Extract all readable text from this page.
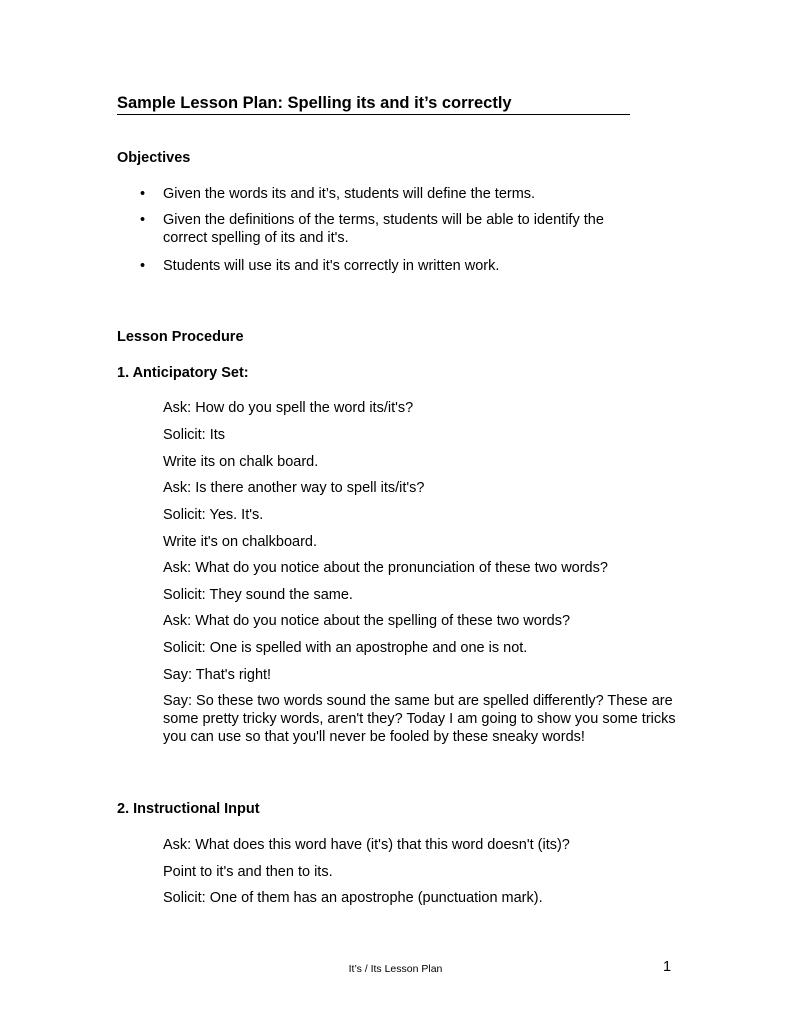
Sample Lesson Plan: Spelling its and it’s correctly
Objectives
• Given the words its and it’s, students will define the terms.
• Given the definitions of the terms, students will be able to identify the correct spelling of its and it's.
• Students will use its and it's correctly in written work.
Lesson Procedure
1. Anticipatory Set:
Ask: How do you spell the word its/it's?
Solicit: Its
Write its on chalk board.
Ask: Is there another way to spell its/it's?
Solicit: Yes. It's.
Write it's on chalkboard.
Ask: What do you notice about the pronunciation of these two words?
Solicit: They sound the same.
Ask: What do you notice about the spelling of these two words?
Solicit: One is spelled with an apostrophe and one is not.
Say: That's right!
Say: So these two words sound the same but are spelled differently? These are some pretty tricky words, aren't they? Today I am going to show you some tricks you can use so that you'll never be fooled by these sneaky words!
2. Instructional Input
Ask: What does this word have (it's) that this word doesn't (its)?
Point to it's and then to its.
Solicit: One of them has an apostrophe (punctuation mark).
It’s / Its Lesson Plan	1
